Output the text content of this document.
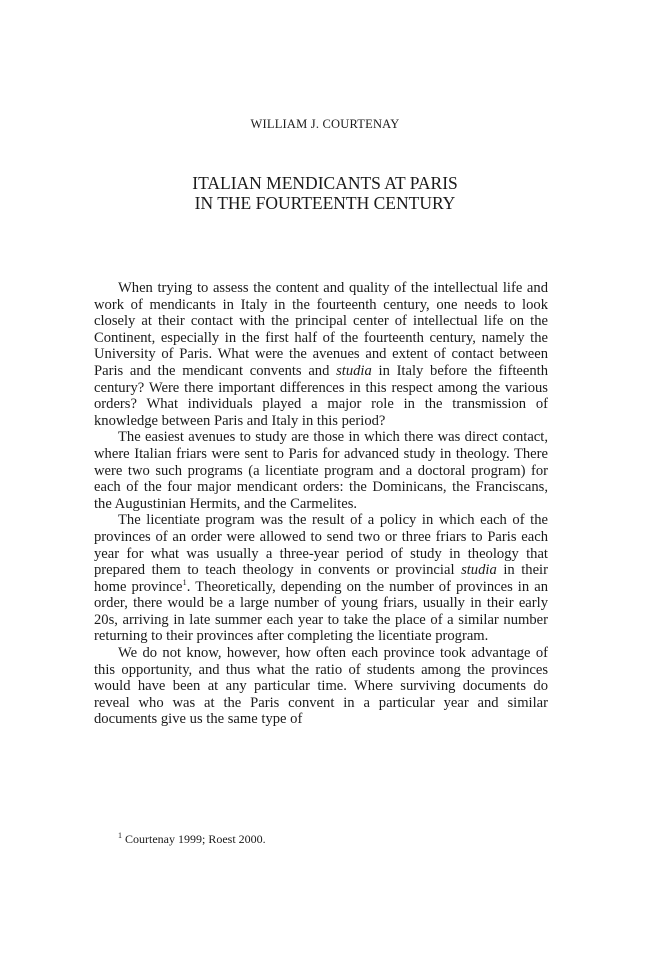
WILLIAM J. COURTENAY
ITALIAN MENDICANTS AT PARIS
IN THE FOURTEENTH CENTURY

When trying to assess the content and quality of the intellectual life and work of mendicants in Italy in the fourteenth century, one needs to look closely at their contact with the principal center of intellectual life on the Continent, especially in the first half of the fourteenth century, namely the University of Paris. What were the avenues and extent of contact between Paris and the mendicant convents and studia in Italy before the fifteenth century? Were there important differences in this respect among the various orders? What individuals played a major role in the transmission of knowledge between Paris and Italy in this period?

The easiest avenues to study are those in which there was direct contact, where Italian friars were sent to Paris for advanced study in theology. There were two such programs (a licentiate program and a doctoral program) for each of the four major mendicant orders: the Dominicans, the Franciscans, the Augustinian Hermits, and the Carmelites.

The licentiate program was the result of a policy in which each of the provinces of an order were allowed to send two or three friars to Paris each year for what was usually a three-year period of study in theology that prepared them to teach theology in convents or provincial studia in their home province$^1$. Theoretically, depending on the number of provinces in an order, there would be a large number of young friars, usually in their early 20s, arriving in late summer each year to take the place of a similar number returning to their provinces after completing the licentiate program.

We do not know, however, how often each province took advantage of this opportunity, and thus what the ratio of students among the provinces would have been at any particular time. Where surviving documents do reveal who was at the Paris convent in a particular year and similar documents give us the same type of

$^1$ Courtenay 1999; Roest 2000.
